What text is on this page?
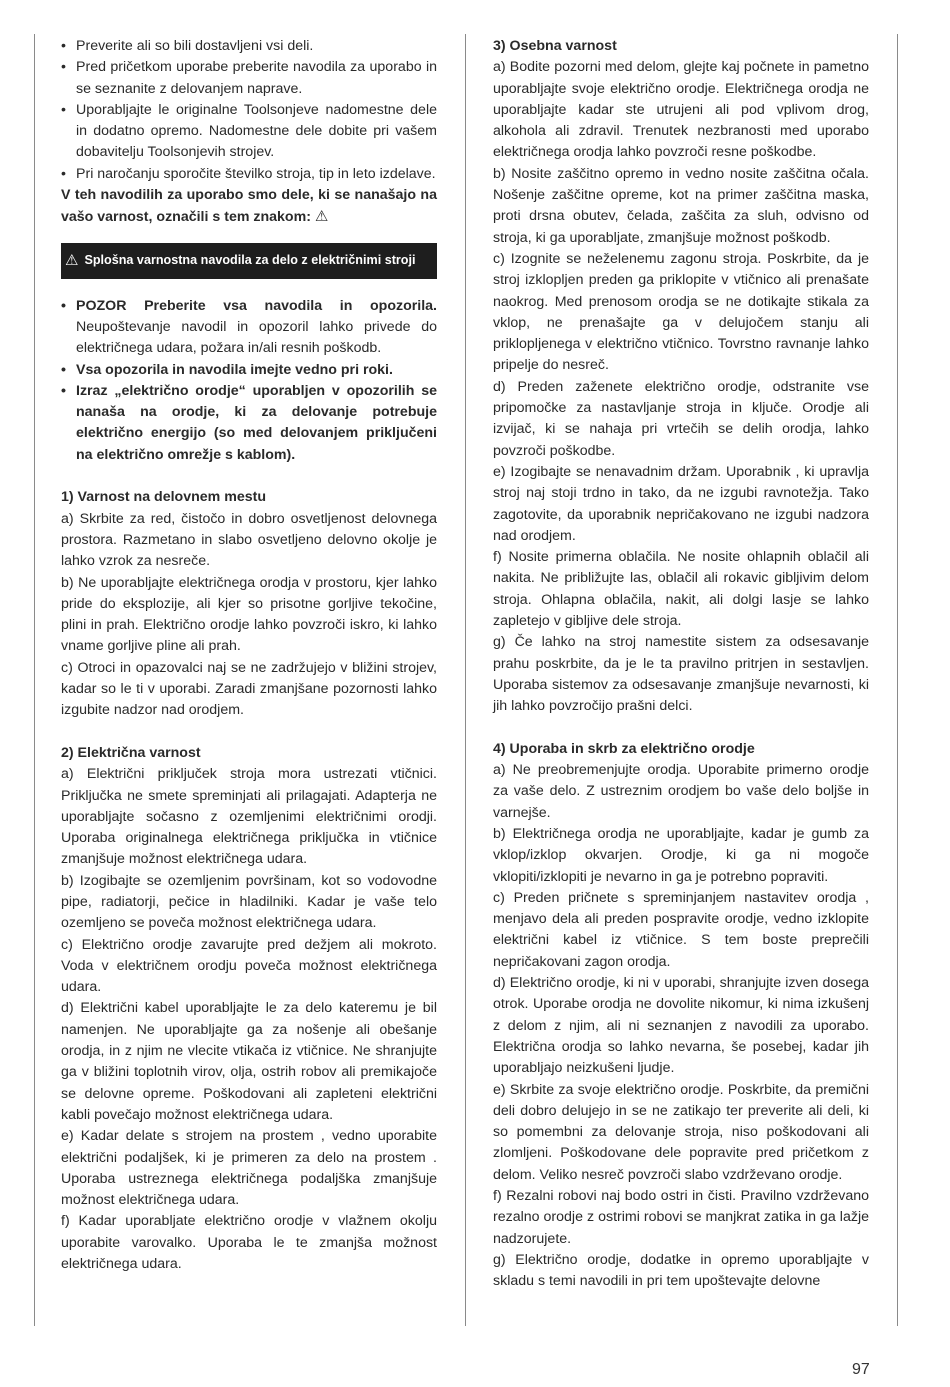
• Preverite ali so bili dostavljeni vsi deli.
• Pred pričetkom uporabe preberite navodila za uporabo in se seznanite z delovanjem naprave.
• Uporabljajte le originalne Toolsonjeve nadomestne dele in dodatno opremo. Nadomestne dele dobite pri vašem dobavitelju Toolsonjevih strojev.
• Pri naročanju sporočite številko stroja, tip in leto izdelave.

V teh navodilih za uporabo smo dele, ki se nanašajo na vašo varnost, označili s tem znakom: ⚠

⚠ Splošna varnostna navodila za delo z električnimi stroji
• POZOR Preberite vsa navodila in opozorila. Neupoštevanje navodil in opozoril lahko privede do električnega udara, požara in/ali resnih poškodb.
• Vsa opozorila in navodila imejte vedno pri roki.
• Izraz „električno orodje“ uporabljen v opozorilih se nanaša na orodje, ki za delovanje potrebuje električno energijo (so med delovanjem priključeni na električno omrežje s kablom).

1) Varnost na delovnem mestu

a) Skrbite za red, čistočo in dobro osvetljenost delovnega prostora. Razmetano in slabo osvetljeno delovno okolje je lahko vzrok za nesreče.

b) Ne uporabljajte električnega orodja v prostoru, kjer lahko pride do eksplozije, ali kjer so prisotne gorljive tekočine, plini in prah. Električno orodje lahko povzroči iskro, ki lahko vname gorljive pline ali prah.

c) Otroci in opazovalci naj se ne zadržujejo v bližini strojev, kadar so le ti v uporabi. Zaradi zmanjšane pozornosti lahko izgubite nadzor nad orodjem.

2) Električna varnost

a) Električni priključek stroja mora ustrezati vtičnici. Priključka ne smete spreminjati ali prilagajati. Adapterja ne uporabljajte sočasno z ozemljenimi električnimi orodji. Uporaba originalnega električnega priključka in vtičnice zmanjšuje možnost električnega udara.

b) Izogibajte se ozemljenim površinam, kot so vodovodne pipe, radiatorji, pečice in hladilniki. Kadar je vaše telo ozemljeno se poveča možnost električnega udara.

c) Električno orodje zavarujte pred dežjem ali mokroto. Voda v električnem orodju poveča možnost električnega udara.

d) Električni kabel uporabljajte le za delo kateremu je bil namenjen. Ne uporabljajte ga za nošenje ali obešanje orodja, in z njim ne vlecite vtikača iz vtičnice. Ne shranjujte ga v bližini toplotnih virov, olja, ostrih robov ali premikajoče se delovne opreme. Poškodovani ali zapleteni električni kabli povečajo možnost električnega udara.

e) Kadar delate s strojem na prostem , vedno uporabite električni podaljšek, ki je primeren za delo na prostem . Uporaba ustreznega električnega podaljška zmanjšuje možnost električnega udara.

f) Kadar uporabljate električno orodje v vlažnem okolju uporabite varovalko. Uporaba le te zmanjša možnost električnega udara.

3) Osebna varnost

a) Bodite pozorni med delom, glejte kaj počnete in pametno uporabljajte svoje električno orodje. Električnega orodja ne uporabljajte kadar ste utrujeni ali pod vplivom drog, alkohola ali zdravil. Trenutek nezbranosti med uporabo električnega orodja lahko povzroči resne poškodbe.

b) Nosite zaščitno opremo in vedno nosite zaščitna očala. Nošenje zaščitne opreme, kot na primer zaščitna maska, proti drsna obutev, čelada, zaščita za sluh, odvisno od stroja, ki ga uporabljate, zmanjšuje možnost poškodb.

c) Izognite se neželenemu zagonu stroja. Poskrbite, da je stroj izklopljen preden ga priklopite v vtičnico ali prenašate naokrog. Med prenosom orodja se ne dotikajte stikala za vklop, ne prenašajte ga v delujočem stanju ali priklopljenega v električno vtičnico. Tovrstno ravnanje lahko pripelje do nesreč.

d) Preden zaženete električno orodje, odstranite vse pripomočke za nastavljanje stroja in ključe. Orodje ali izvijač, ki se nahaja pri vrtečih se delih orodja, lahko povzroči poškodbe.

e) Izogibajte se nenavadnim držam. Uporabnik , ki upravlja stroj naj stoji trdno in tako, da ne izgubi ravnotežja. Tako zagotovite, da uporabnik nepričakovano ne izgubi nadzora nad orodjem.

f) Nosite primerna oblačila. Ne nosite ohlapnih oblačil ali nakita. Ne približujte las, oblačil ali rokavic gibljivim delom stroja. Ohlapna oblačila, nakit, ali dolgi lasje se lahko zapletejo v gibljive dele stroja.

g) Če lahko na stroj namestite sistem za odsesavanje prahu poskrbite, da je le ta pravilno pritrjen in sestavljen. Uporaba sistemov za odsesavanje zmanjšuje nevarnosti, ki jih lahko povzročijo prašni delci.

4) Uporaba in skrb za električno orodje

a) Ne preobremenjujte orodja. Uporabite primerno orodje za vaše delo. Z ustreznim orodjem bo vaše delo boljše in varnejše.

b) Električnega orodja ne uporabljajte, kadar je gumb za vklop/izklop okvarjen. Orodje, ki ga ni mogoče vklopiti/izklopiti je nevarno in ga je potrebno popraviti.

c) Preden pričnete s spreminjanjem nastavitev orodja , menjavo dela ali preden pospravite orodje, vedno izklopite električni kabel iz vtičnice. S tem boste preprečili nepričakovani zagon orodja.

d) Električno orodje, ki ni v uporabi, shranjujte izven dosega otrok. Uporabe orodja ne dovolite nikomur, ki nima izkušenj z delom z njim, ali ni seznanjen z navodili za uporabo. Električna orodja so lahko nevarna, še posebej, kadar jih uporabljajo neizkušeni ljudje.

e) Skrbite za svoje električno orodje. Poskrbite, da premični deli dobro delujejo in se ne zatikajo ter preverite ali deli, ki so pomembni za delovanje stroja, niso poškodovani ali zlomljeni. Poškodovane dele popravite pred pričetkom z delom. Veliko nesreč povzroči slabo vzdrževano orodje.

f) Rezalni robovi naj bodo ostri in čisti. Pravilno vzdrževano rezalno orodje z ostrimi robovi se manjkrat zatika in ga lažje nadzorujete.

g) Električno orodje, dodatke in opremo uporabljajte v skladu s temi navodili in pri tem upoštevajte delovne

97
